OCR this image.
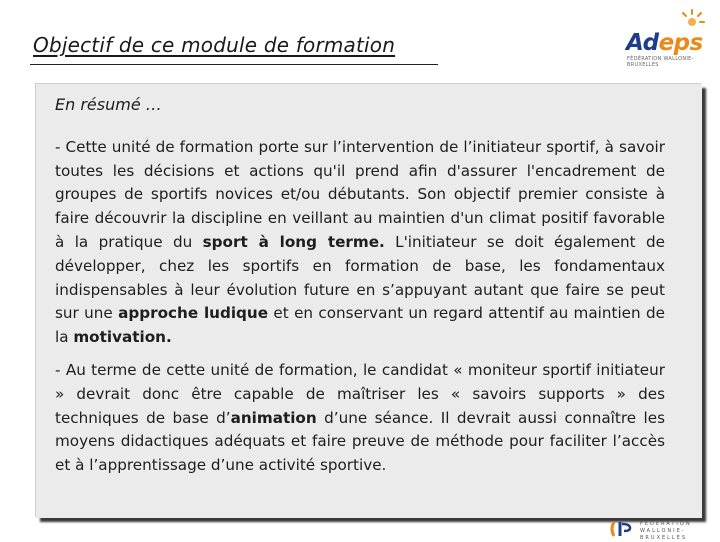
Objectif de ce module de formation	Adeps
FÉDÉRATION WALLONIE-BRUXELLES

En résumé …

- Cette unité de formation porte sur l’intervention de l’initiateur sportif, à savoir toutes les décisions et actions qu'il prend afin d'assurer l'encadrement de groupes de sportifs novices et/ou débutants. Son objectif premier consiste à faire découvrir la discipline en veillant au maintien d'un climat positif favorable à la pratique du sport à long terme. L'initiateur se doit également de développer, chez les sportifs en formation de base, les fondamentaux indispensables à leur évolution future en s’appuyant autant que faire se peut sur une approche ludique et en conservant un regard attentif au maintien de la motivation.

- Au terme de cette unité de formation, le candidat « moniteur sportif initiateur » devrait donc être capable de maîtriser les « savoirs supports » des techniques de base d’animation d’une séance. Il devrait aussi connaître les moyens didactiques adéquats et faire preuve de méthode pour faciliter l’accès et à l’apprentissage d’une activité sportive.

FÉDÉRATION WALLONIE-BRUXELLES
